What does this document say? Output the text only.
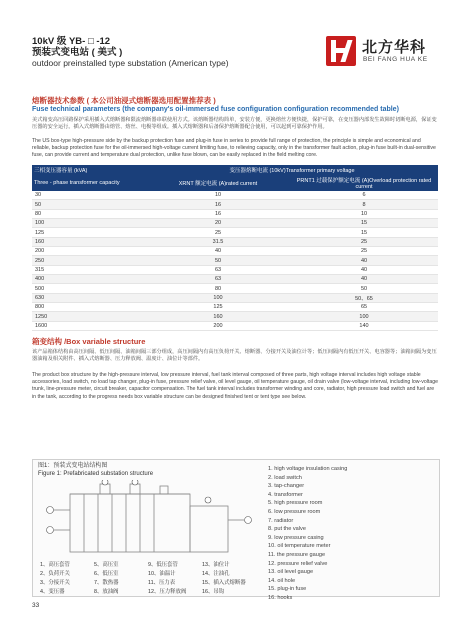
10kV 级 YB- □ -12
预装式变电站 ( 美式 )
outdoor preinstalled type substation (American type)
北方华科
BEI FANG HUA KE
熔断器技术参数 ( 本公司油浸式熔断器选用配置推荐表 )
Fuse technical parameters (the company's oil-immersed fuse configuration configuration recommended table)
美式箱变高压回路保护采用插入式熔断器和限流熔断器串联使用方式。该熔断器结构简单，安装方便，更换熔丝方便快捷，保护可靠，在变压器内部发生故障时切断电源，保证变压器的安全运行。插入式熔断器由熔管、熔丝、电极等组成。插入式熔断器和后备保护熔断器配合使用，可以起到可靠保护作用。
The US box-type high-pressure side by the backup protection fuse and plug-in fuse in series to provide full range of protection, the principle is simple and economical and reliable, backup protection fuse for the oil-immersed high-voltage current limiting fuse, to relieving capacity, only in the transformer fault action, plug-in fuse built-in dual-sensitive fuse, can provide current and temperature dual protection, unlike fuse blown, can be easily replaced in the field melting core.
三相变压器容量 (kVA)	变压器熔断电流 (10kV)Transformer primary voltage	
Three - phase transformer capacity	XRNT 额定电流 (A)rated current	PRNT1 过载保护额定电流 (A)Overload protection rated current
30	10	6
50	16	8
80	16	10
100	20	15
125	25	15
160	31.5	25
200	40	25
250	50	40
315	63	40
400	63	40
500	80	50
630	100	50、65
800	125	65
1250	160	100
1600	200	140
箱变结构 /Box variable structure
该产品箱体结构由高压间隔、低压间隔、油箱间隔三部分组成，高压间隔内有高压负荷开关、熔断器、分接开关及油位计等；低压间隔内有低压开关、电容器等；油箱间隔为变压器油箱及相关附件、插入式熔断器、压力释放阀、温度计、油位计等部件。
The product box structure by the high-pressure interval, low pressure interval, fuel tank interval composed of three parts, high voltage interval includes high voltage stable accessories, load switch, no load tap changer, plug-in fuse, pressure relief valve, oil level gauge, oil temperature gauge, oil drain valve (low-voltage interval, including low-voltage trunk, line-pressure meter, circuit breaker, capacitor compensation. The fuel tank interval includes transformer winding and core, radiator, high pressure load switch and fuel are in the tank, according to the progress needs box variable structure can be designed finished tent or tent type see below.
图1：预装式变电站结构图
Figure 1: Prefabricated substation structure
1. high voltage insulation casing
2. load switch
3. tap-changer
4. transformer
5. high pressure room
6. low pressure room
7. radiator
8. put the valve
9. low pressure casing
10. oil temperature meter
11. the pressure gauge
12. pressure relief valve
13. oil level gauge
14. oil hole
15. plug-in fuse
16. hooks
1、高压套管	5、高压室	9、低压套管	13、油位计
2、负荷开关	6、低压室	10、油温计	14、注油孔
3、分接开关	7、散热器	11、压力表	15、插入式熔断器
4、变压器	8、放油阀	12、压力释放阀	16、吊钩
33
